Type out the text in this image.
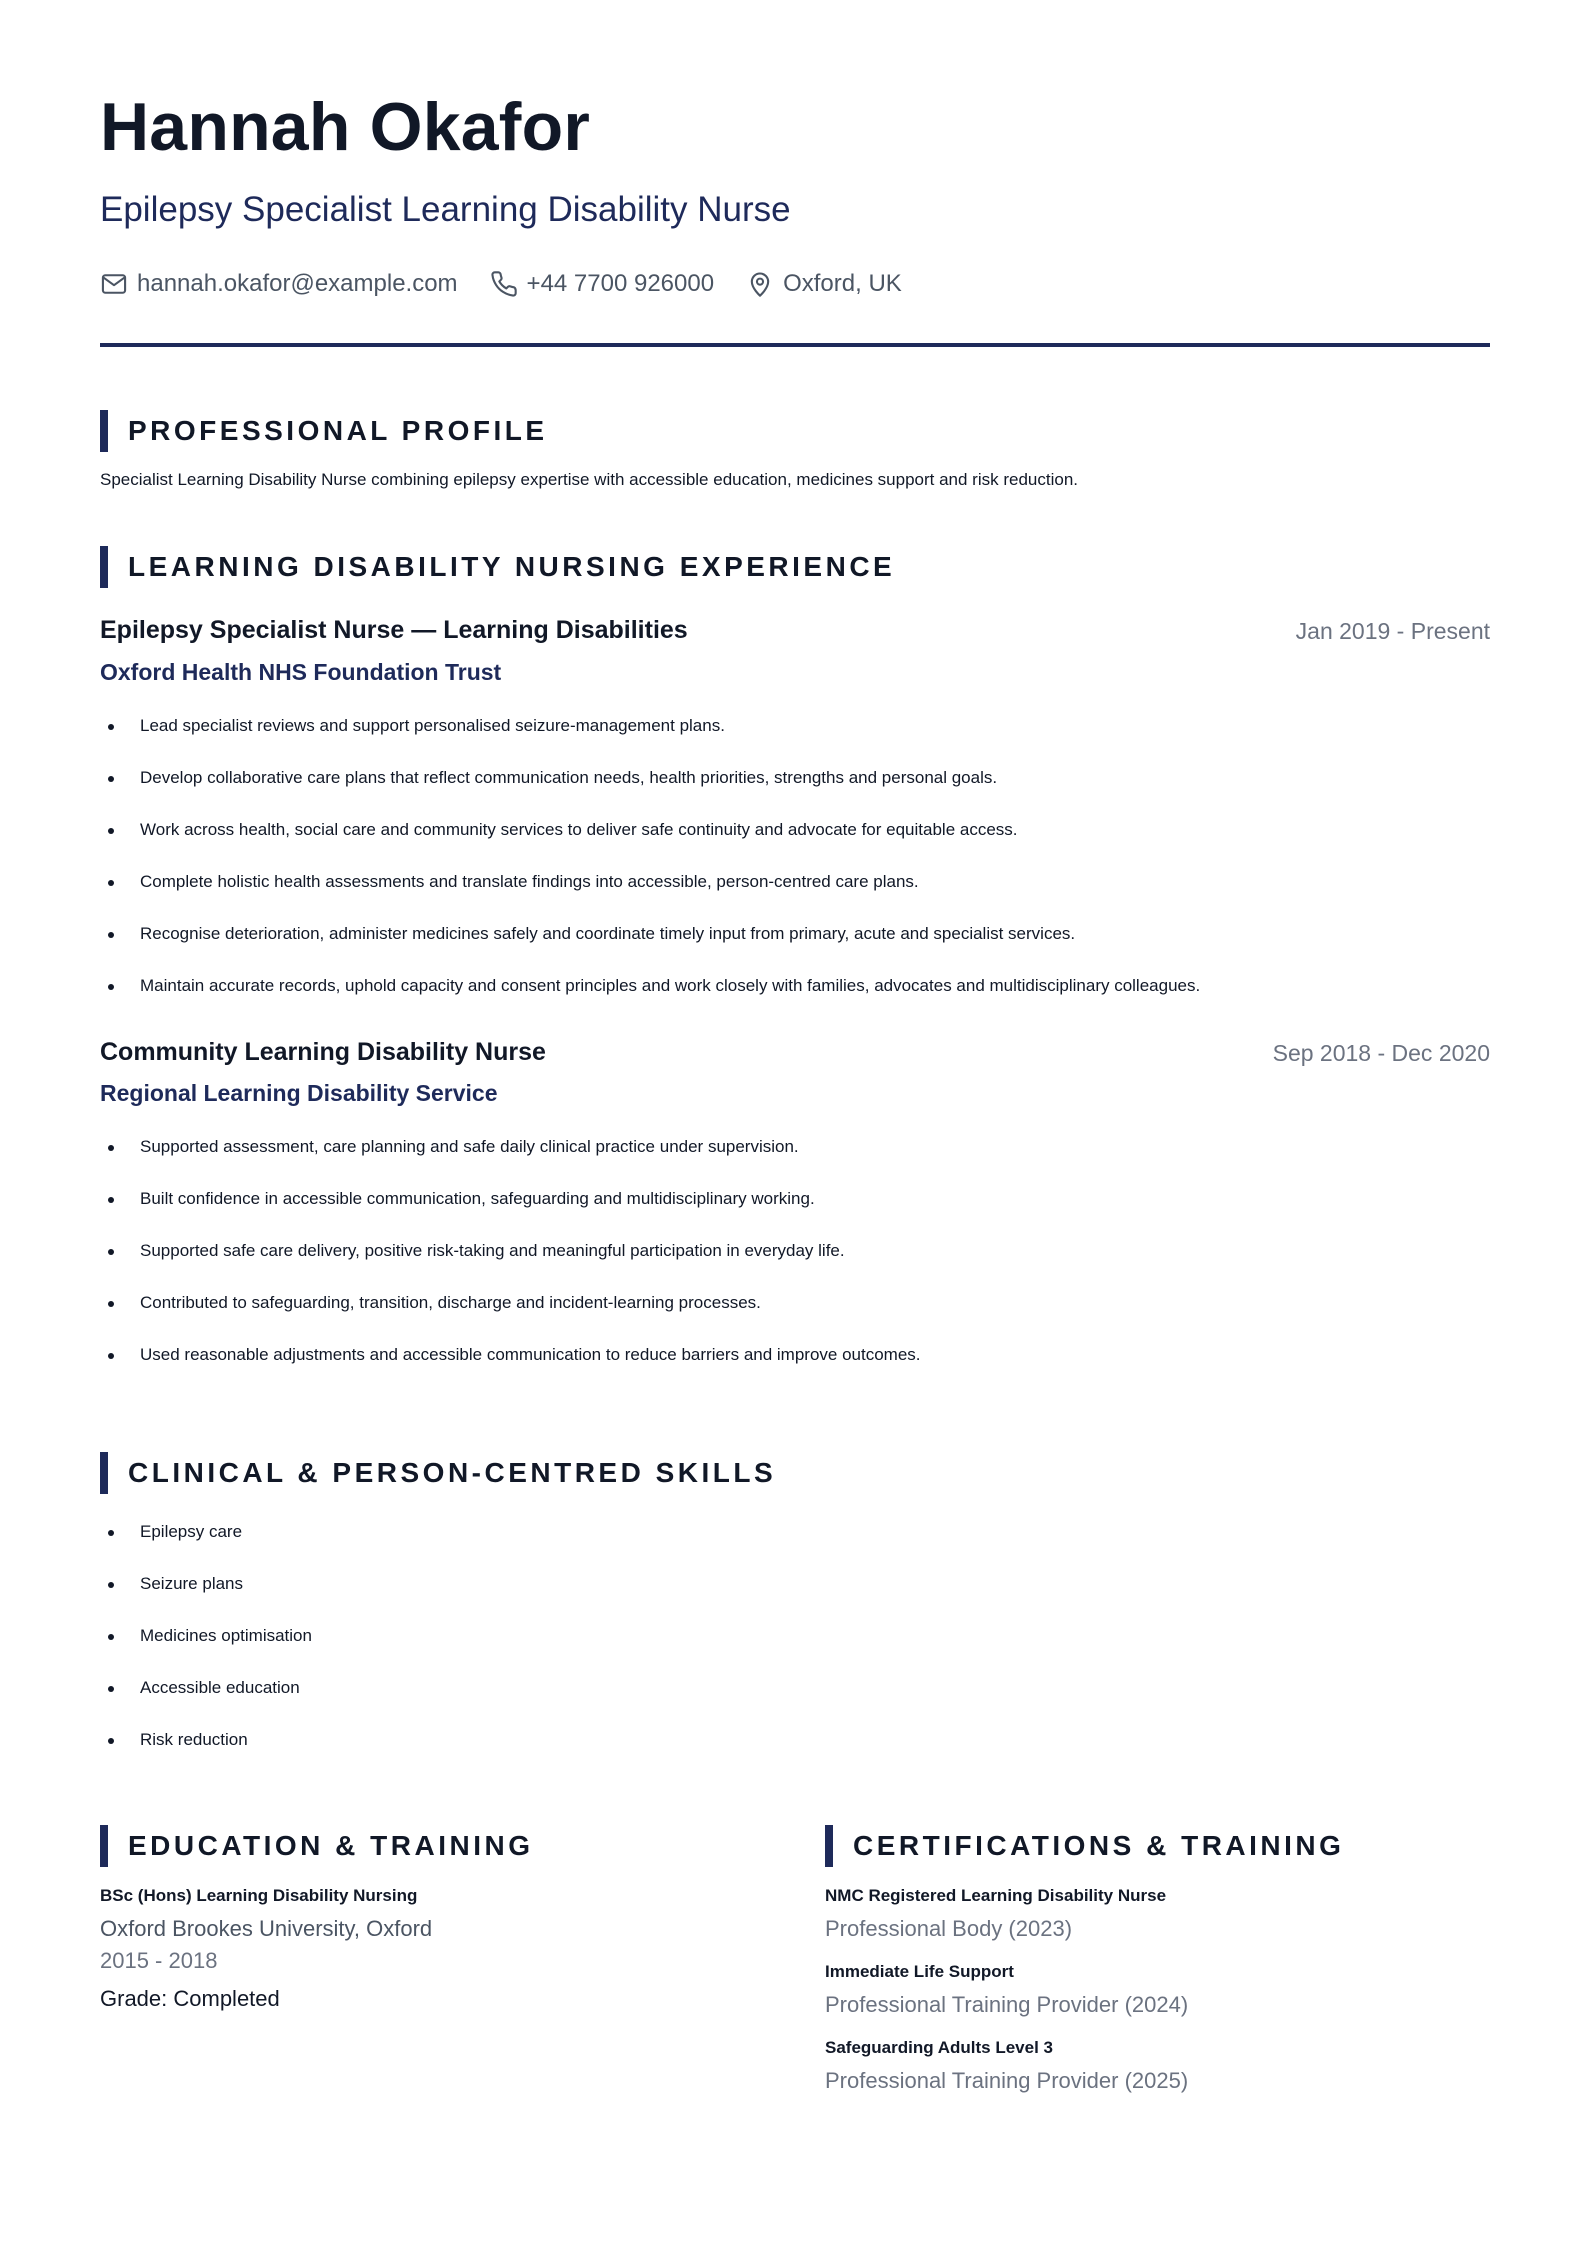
Hannah Okafor
Epilepsy Specialist Learning Disability Nurse
hannah.okafor@example.com	+44 7700 926000	Oxford, UK
PROFESSIONAL PROFILE
Specialist Learning Disability Nurse combining epilepsy expertise with accessible education, medicines support and risk reduction.
LEARNING DISABILITY NURSING EXPERIENCE
Epilepsy Specialist Nurse — Learning Disabilities	Jan 2019 - Present
Oxford Health NHS Foundation Trust
Lead specialist reviews and support personalised seizure-management plans.
Develop collaborative care plans that reflect communication needs, health priorities, strengths and personal goals.
Work across health, social care and community services to deliver safe continuity and advocate for equitable access.
Complete holistic health assessments and translate findings into accessible, person-centred care plans.
Recognise deterioration, administer medicines safely and coordinate timely input from primary, acute and specialist services.
Maintain accurate records, uphold capacity and consent principles and work closely with families, advocates and multidisciplinary colleagues.
Community Learning Disability Nurse	Sep 2018 - Dec 2020
Regional Learning Disability Service
Supported assessment, care planning and safe daily clinical practice under supervision.
Built confidence in accessible communication, safeguarding and multidisciplinary working.
Supported safe care delivery, positive risk-taking and meaningful participation in everyday life.
Contributed to safeguarding, transition, discharge and incident-learning processes.
Used reasonable adjustments and accessible communication to reduce barriers and improve outcomes.
CLINICAL & PERSON-CENTRED SKILLS
Epilepsy care
Seizure plans
Medicines optimisation
Accessible education
Risk reduction
EDUCATION & TRAINING
BSc (Hons) Learning Disability Nursing
Oxford Brookes University, Oxford
2015 - 2018
Grade: Completed
CERTIFICATIONS & TRAINING
NMC Registered Learning Disability Nurse
Professional Body (2023)
Immediate Life Support
Professional Training Provider (2024)
Safeguarding Adults Level 3
Professional Training Provider (2025)
